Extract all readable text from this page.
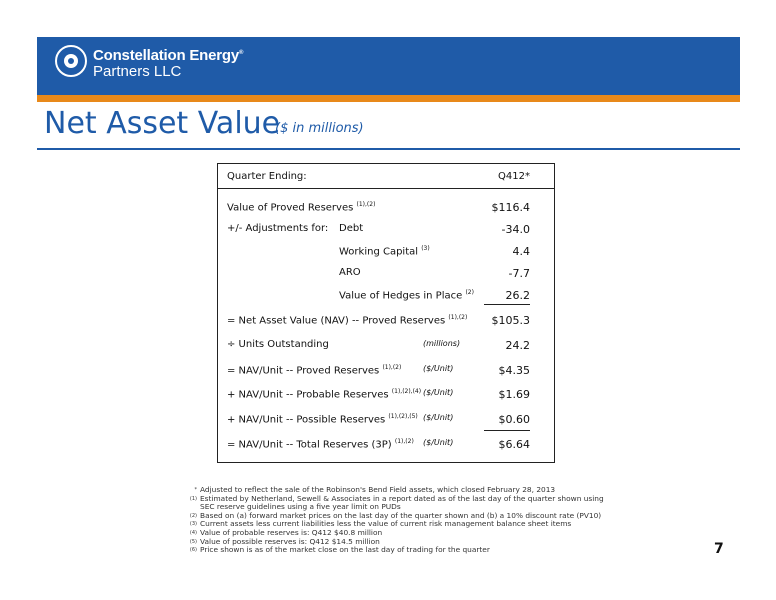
Constellation Energy®
Partners LLC
Net Asset Value
($ in millions)
Quarter Ending:	Q412*
Value of Proved Reserves $^{(1),(2)}$	$116.4
+/- Adjustments for: Debt	-34.0
Working Capital $^{(3)}$	4.4
ARO	-7.7
Value of Hedges in Place $^{(2)}$	26.2
= Net Asset Value (NAV) -- Proved Reserves $^{(1),(2)}$ $105.3
÷ Units Outstanding	(millions)	24.2
= NAV/Unit -- Proved Reserves $^{(1),(2)}$	($/Unit)	$4.35
+ NAV/Unit -- Probable Reserves $^{(1),(2),(4)}$ ($/Unit)	$1.69
+ NAV/Unit -- Possible Reserves $^{(1),(2),(5)}$ ($/Unit)	$0.60
= NAV/Unit -- Total Reserves (3P) $^{(1),(2)}$ ($/Unit)	$6.64
* Adjusted to reflect the sale of the Robinson's Bend Field assets, which closed February 28, 2013
(1) Estimated by Netherland, Sewell & Associates in a report dated as of the last day of the quarter shown using SEC reserve guidelines using a five year limit on PUDs
(2) Based on (a) forward market prices on the last day of the quarter shown and (b) a 10% discount rate (PV10)
(3) Current assets less current liabilities less the value of current risk management balance sheet items
(4) Value of probable reserves is: Q412 $40.8 million
(5) Value of possible reserves is: Q412 $14.5 million
(6) Price shown is as of the market close on the last day of trading for the quarter	7
